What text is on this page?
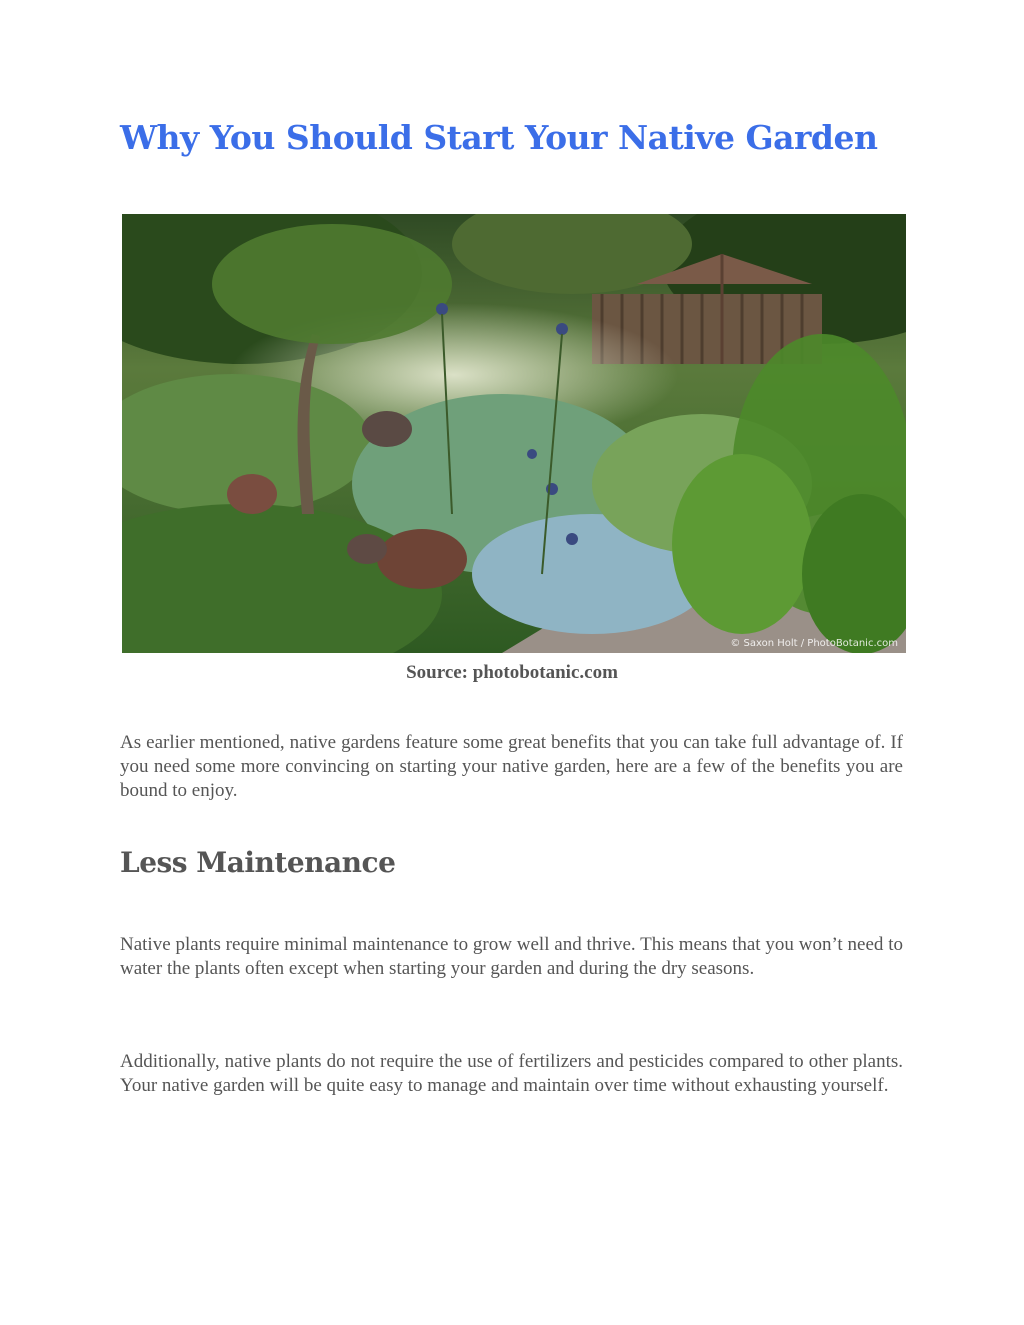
Why You Should Start Your Native Garden
© Saxon Holt / PhotoBotanic.com
Source: photobotanic.com

As earlier mentioned, native gardens feature some great benefits that you can take full advantage of. If you need some more convincing on starting your native garden, here are a few of the benefits you are bound to enjoy.

Less Maintenance

Native plants require minimal maintenance to grow well and thrive. This means that you won’t need to water the plants often except when starting your garden and during the dry seasons.

Additionally, native plants do not require the use of fertilizers and pesticides compared to other plants. Your native garden will be quite easy to manage and maintain over time without exhausting yourself.
